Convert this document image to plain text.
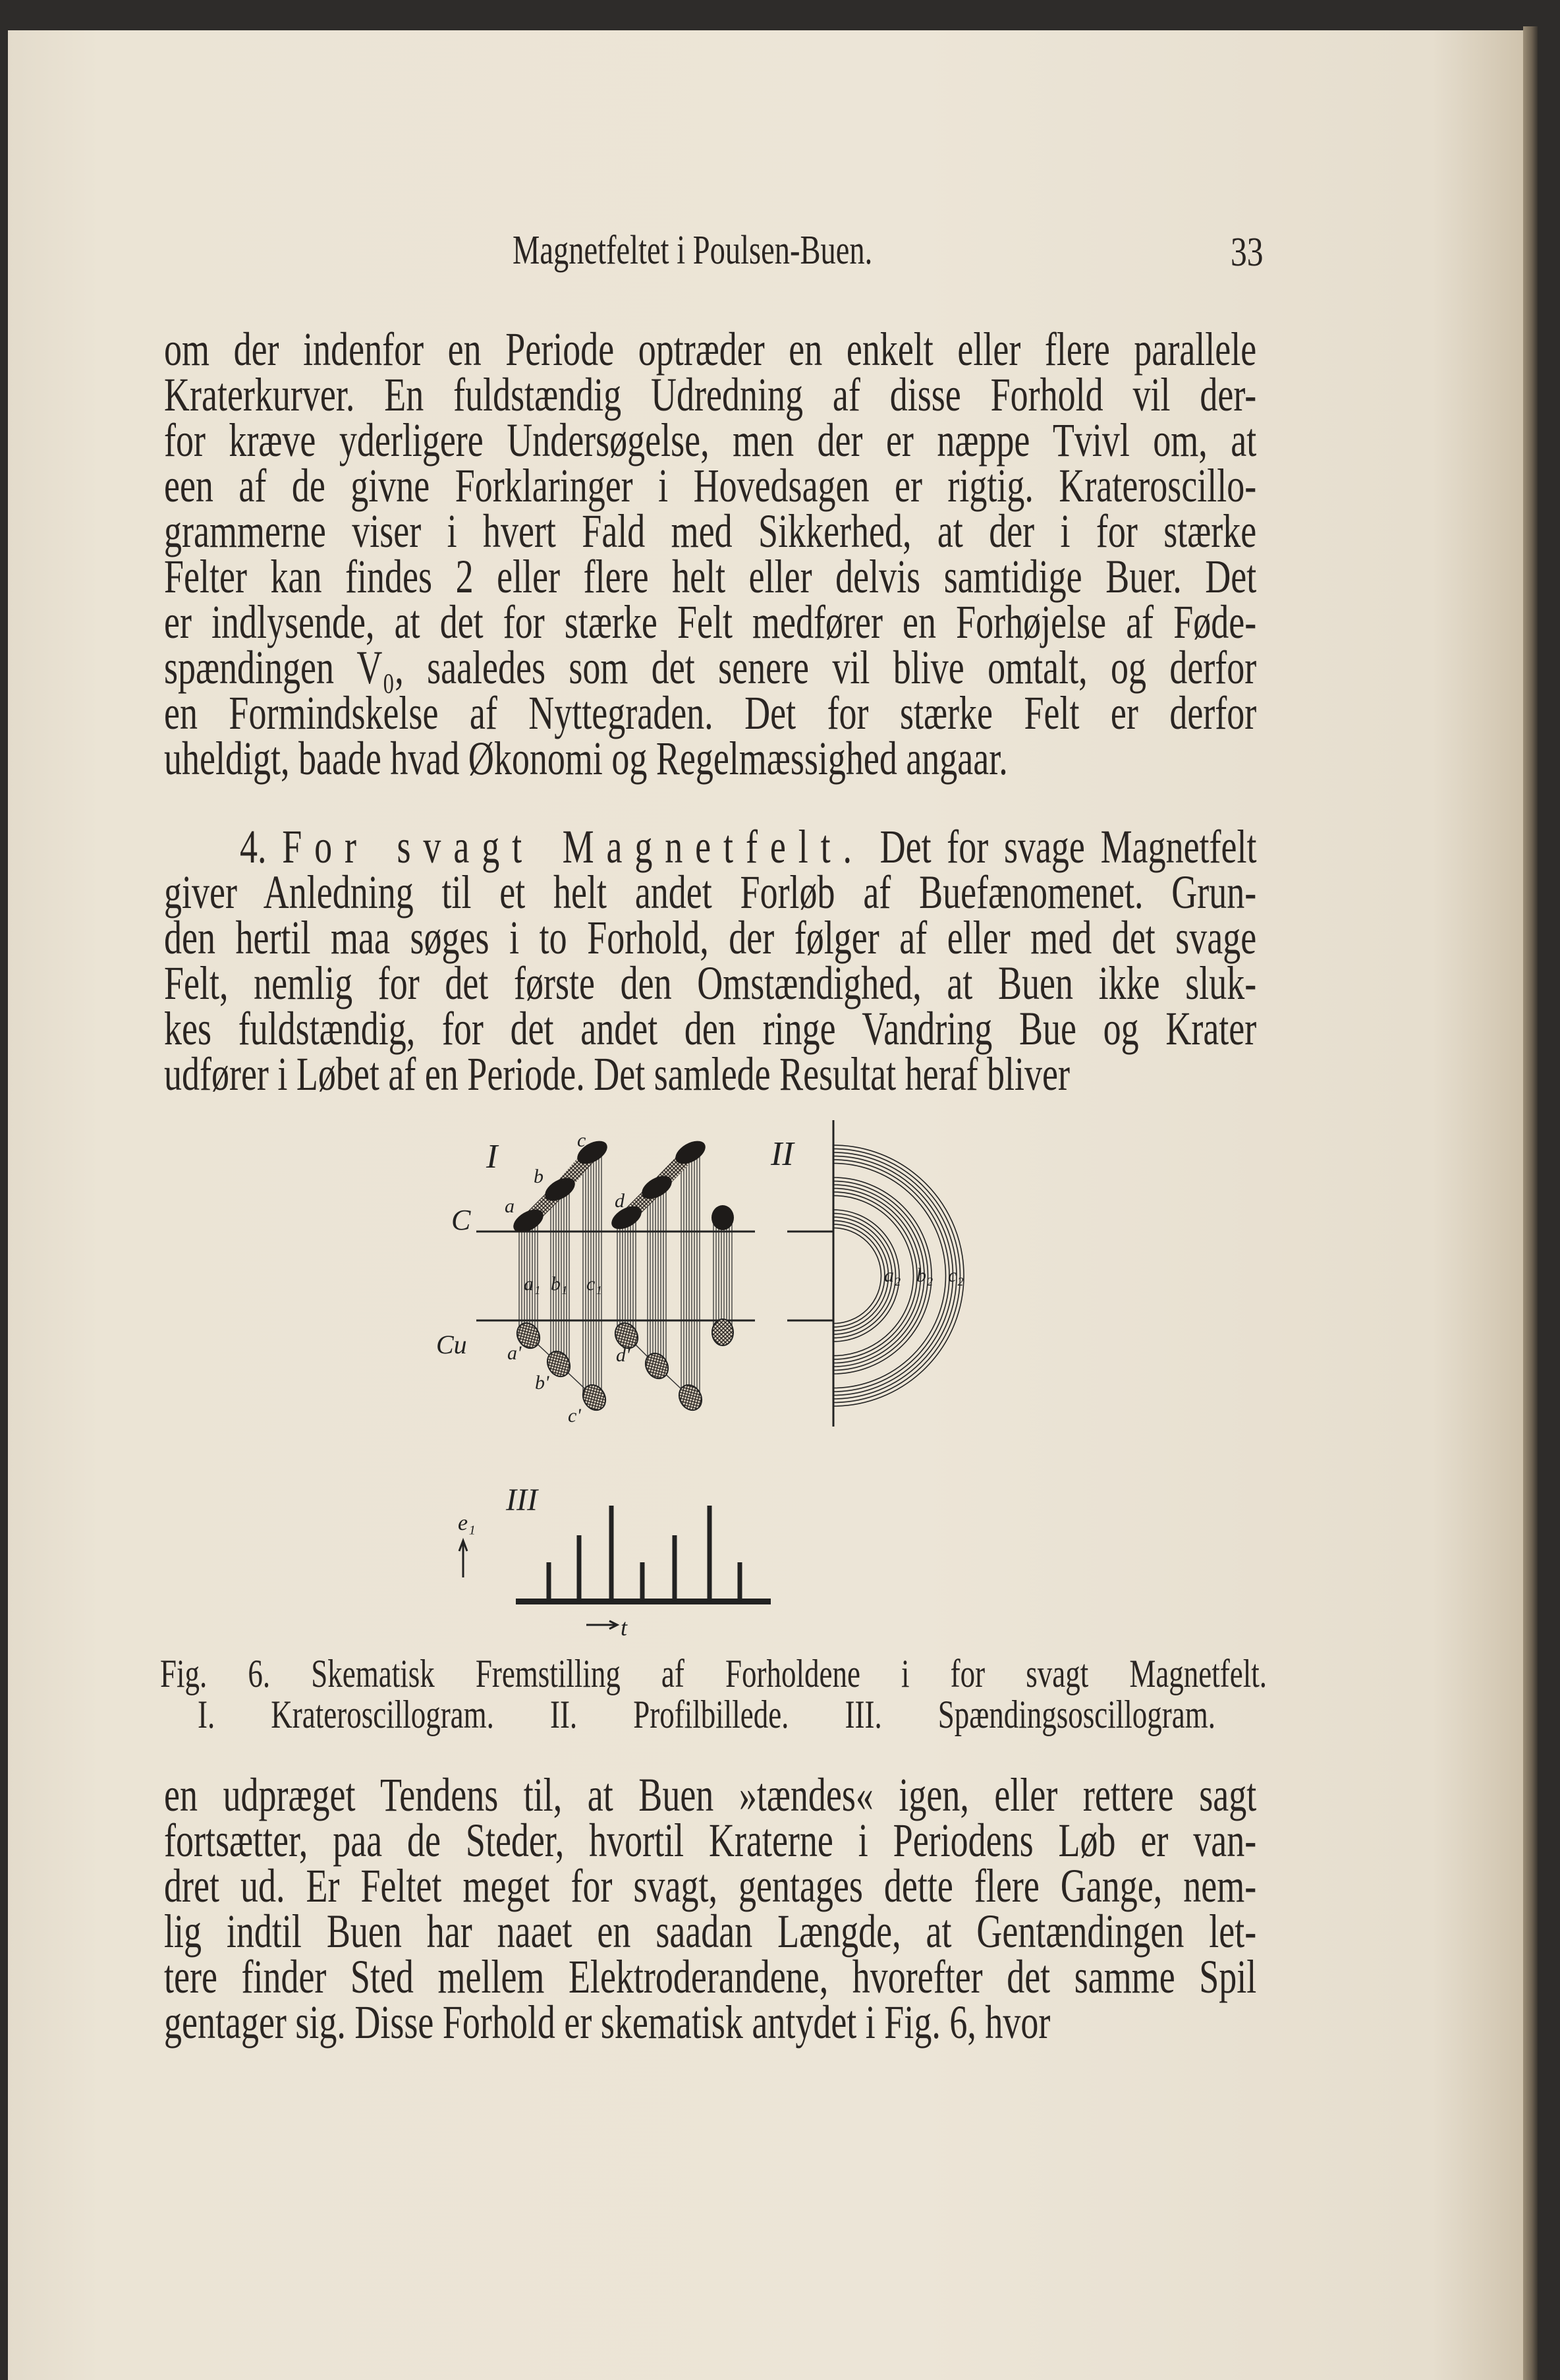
Magnetfeltet i Poulsen-Buen.	33
om der indenfor en Periode optræder en enkelt eller flere parallele
Kraterkurver. En fuldstændig Udredning af disse Forhold vil der-
for kræve yderligere Undersøgelse, men der er næppe Tvivl om, at
een af de givne Forklaringer i Hovedsagen er rigtig. Krateroscillo-
grammerne viser i hvert Fald med Sikkerhed, at der i for stærke
Felter kan findes 2 eller flere helt eller delvis samtidige Buer. Det
er indlysende, at det for stærke Felt medfører en Forhøjelse af Føde-
spændingen V₀, saaledes som det senere vil blive omtalt, og derfor
en Formindskelse af Nyttegraden. Det for stærke Felt er derfor
uheldigt, baade hvad Økonomi og Regelmæssighed angaar.
4. For svagt Magnetfelt. Det for svage Magnetfelt
giver Anledning til et helt andet Forløb af Buefænomenet. Grun-
den hertil maa søges i to Forhold, der følger af eller med det svage
Felt, nemlig for det første den Omstændighed, at Buen ikke sluk-
kes fuldstændig, for det andet den ringe Vandring Bue og Krater
udfører i Løbet af en Periode. Det samlede Resultat heraf bliver
en udpræget Tendens til, at Buen »tændes« igen, eller rettere sagt
fortsætter, paa de Steder, hvortil Kraterne i Periodens Løb er van-
dret ud. Er Feltet meget for svagt, gentages dette flere Gange, nem-
lig indtil Buen har naaet en saadan Længde, at Gentændingen let-
tere finder Sted mellem Elektroderandene, hvorefter det samme Spil
gentager sig. Disse Forhold er skematisk antydet i Fig. 6, hvor
I	II
III
C
Cu
a
b
c
d
a'
b'
c'
d'
a₁ b₁ c₁	a₂ b₂ c₂
e₁
t
Fig. 6. Skematisk Fremstilling af Forholdene i for svagt Magnetfelt.
I. Krateroscillogram. II. Profilbillede. III. Spændingsoscillogram.
